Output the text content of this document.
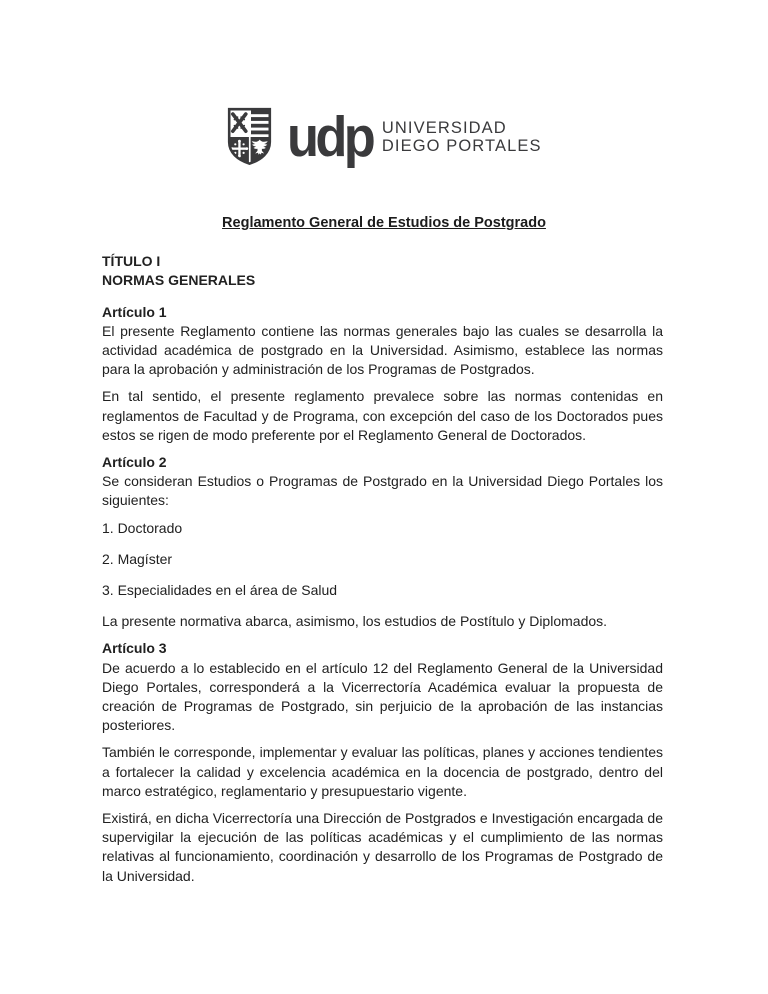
udp UNIVERSIDAD
DIEGO PORTALES
Reglamento General de Estudios de Postgrado
TÍTULO I
NORMAS GENERALES
Artículo 1

El presente Reglamento contiene las normas generales bajo las cuales se desarrolla la actividad académica de postgrado en la Universidad. Asimismo, establece las normas para la aprobación y administración de los Programas de Postgrados.

En tal sentido, el presente reglamento prevalece sobre las normas contenidas en reglamentos de Facultad y de Programa, con excepción del caso de los Doctorados pues estos se rigen de modo preferente por el Reglamento General de Doctorados.

Artículo 2

Se consideran Estudios o Programas de Postgrado en la Universidad Diego Portales los siguientes:

1. Doctorado

2. Magíster

3. Especialidades en el área de Salud

La presente normativa abarca, asimismo, los estudios de Postítulo y Diplomados.

Artículo 3

De acuerdo a lo establecido en el artículo 12 del Reglamento General de la Universidad Diego Portales, corresponderá a la Vicerrectoría Académica evaluar la propuesta de creación de Programas de Postgrado, sin perjuicio de la aprobación de las instancias posteriores.

También le corresponde, implementar y evaluar las políticas, planes y acciones tendientes a fortalecer la calidad y excelencia académica en la docencia de postgrado, dentro del marco estratégico, reglamentario y presupuestario vigente.

Existirá, en dicha Vicerrectoría una Dirección de Postgrados e Investigación encargada de supervigilar la ejecución de las políticas académicas y el cumplimiento de las normas relativas al funcionamiento, coordinación y desarrollo de los Programas de Postgrado de la Universidad.
